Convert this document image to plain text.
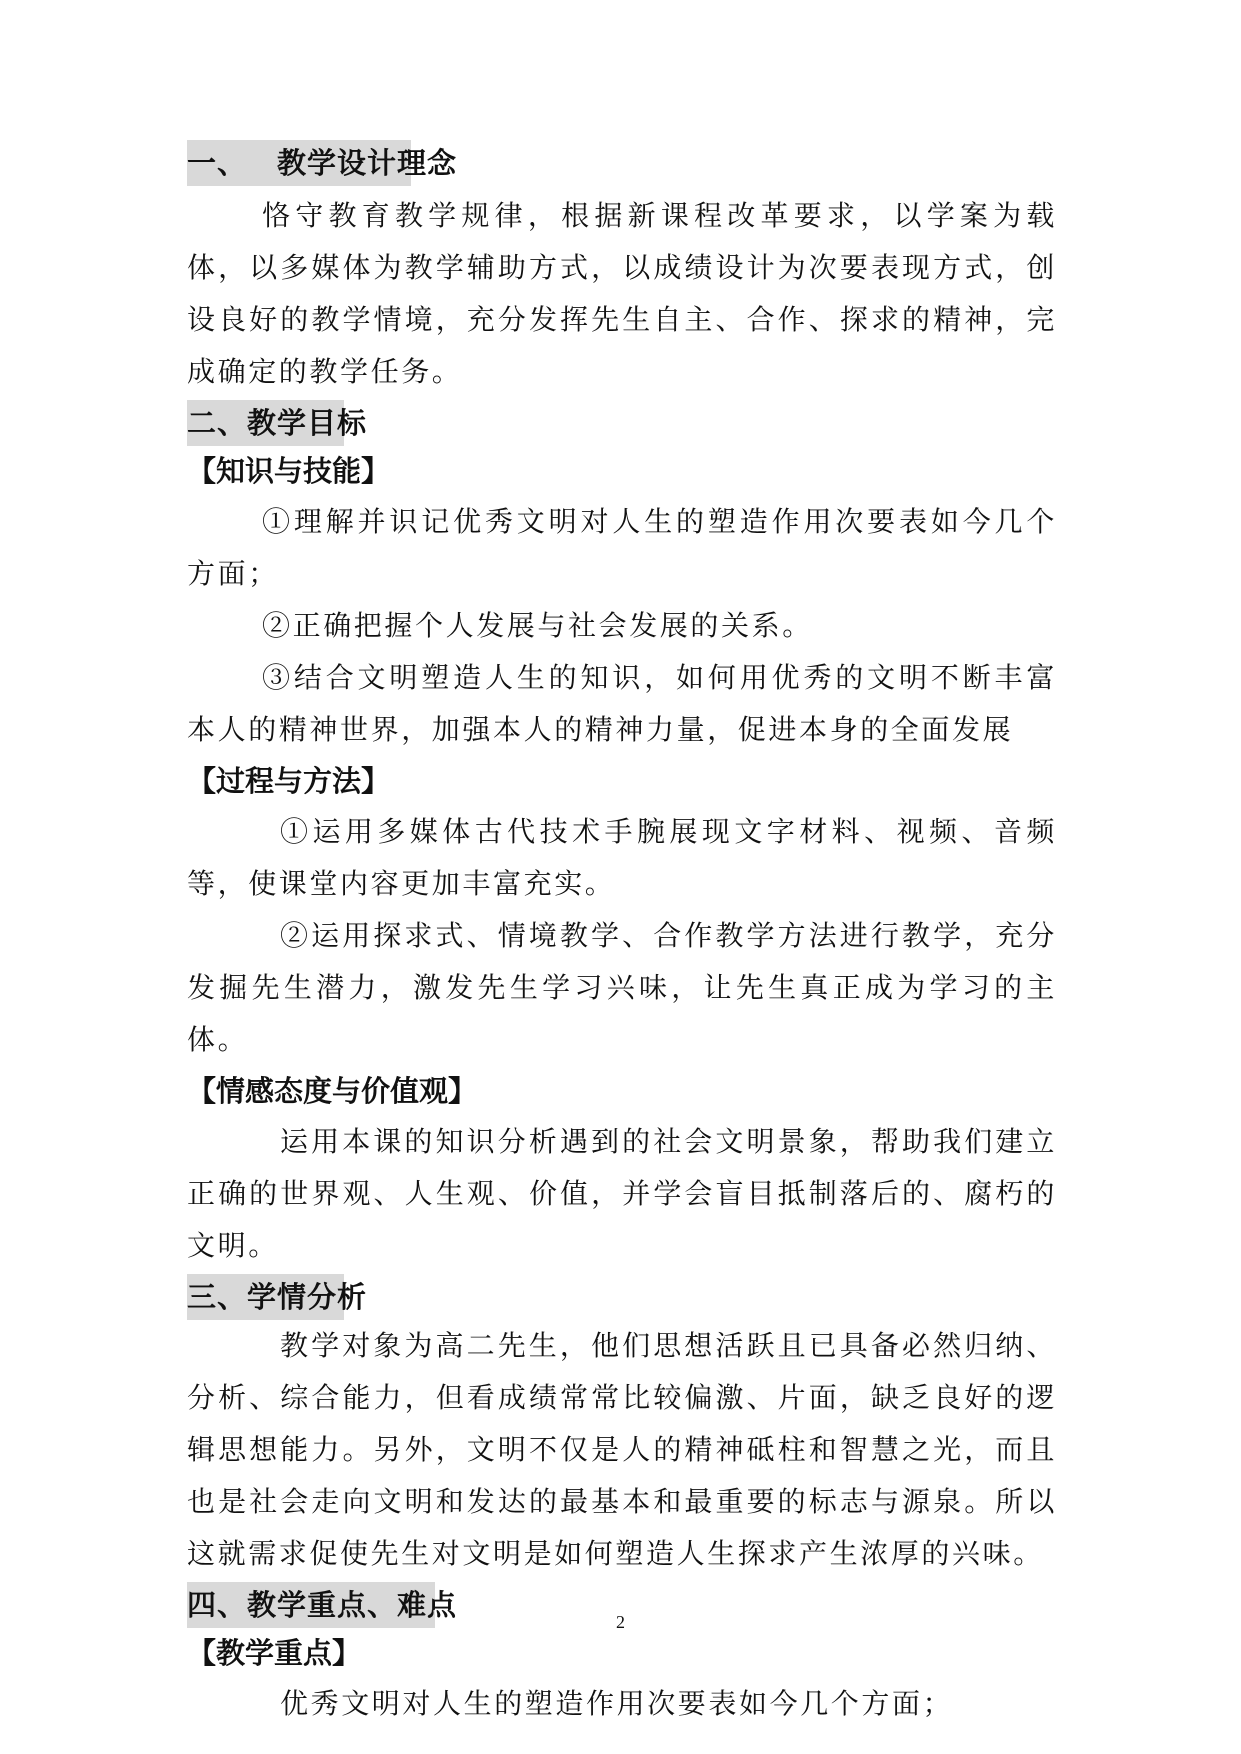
一、 教学设计理念

恪守教育教学规律，根据新课程改革要求，以学案为载体，以多媒体为教学辅助方式，以成绩设计为次要表现方式，创设良好的教学情境，充分发挥先生自主、合作、探求的精神，完成确定的教学任务。

二、教学目标

【知识与技能】

①理解并识记优秀文明对人生的塑造作用次要表如今几个方面；

②正确把握个人发展与社会发展的关系。

③结合文明塑造人生的知识，如何用优秀的文明不断丰富本人的精神世界，加强本人的精神力量，促进本身的全面发展

【过程与方法】

①运用多媒体古代技术手腕展现文字材料、视频、音频等，使课堂内容更加丰富充实。

②运用探求式、情境教学、合作教学方法进行教学，充分发掘先生潜力，激发先生学习兴味，让先生真正成为学习的主体。

【情感态度与价值观】

运用本课的知识分析遇到的社会文明景象，帮助我们建立正确的世界观、人生观、价值，并学会盲目抵制落后的、腐朽的文明。

三、学情分析

教学对象为高二先生，他们思想活跃且已具备必然归纳、分析、综合能力，但看成绩常常比较偏激、片面，缺乏良好的逻辑思想能力。另外，文明不仅是人的精神砥柱和智慧之光，而且也是社会走向文明和发达的最基本和最重要的标志与源泉。所以这就需求促使先生对文明是如何塑造人生探求产生浓厚的兴味。

四、教学重点、难点

【教学重点】

优秀文明对人生的塑造作用次要表如今几个方面；

2
